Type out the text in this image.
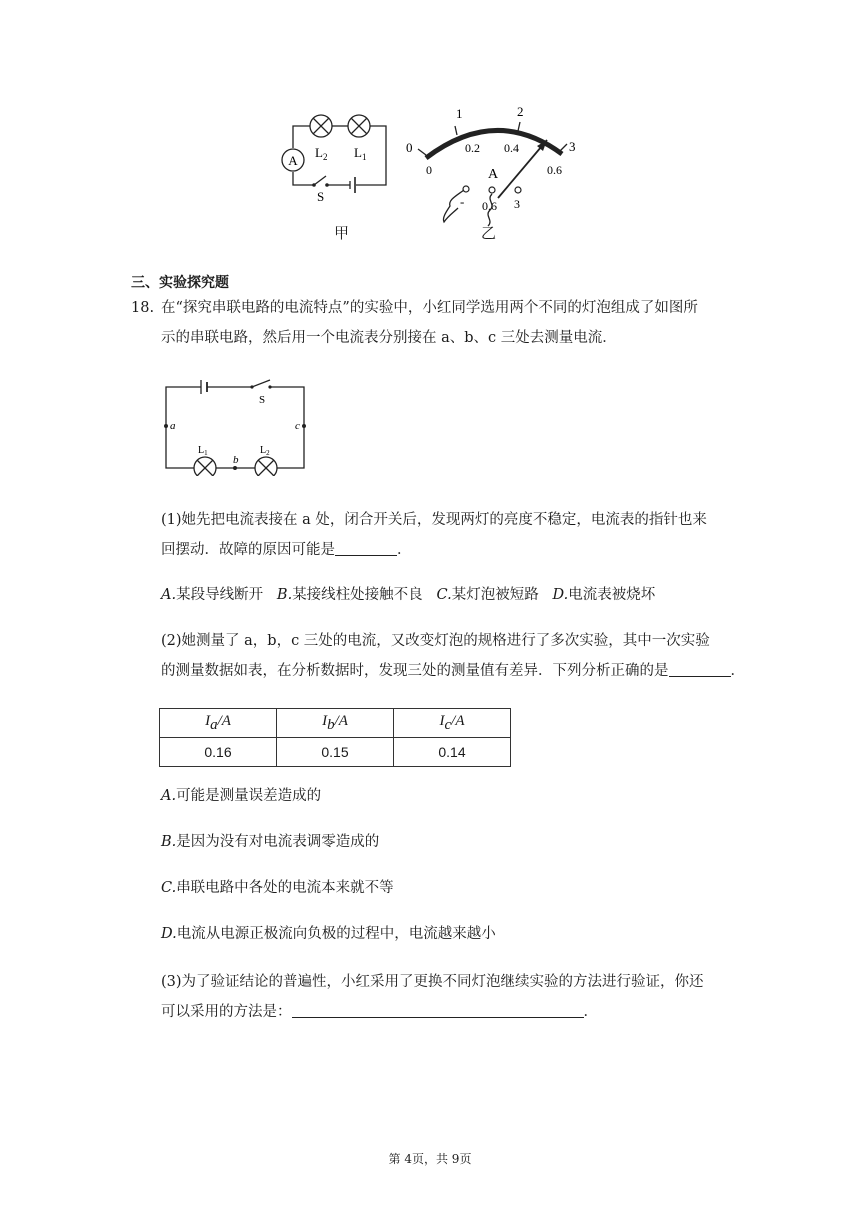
A
$L_2$ $L_1$
S
甲
0
1	2
3
0
0.2 0.4
0.6
A
- 0.6 3
乙
三、实验探究题
18. 在“探究串联电路的电流特点”的实验中，小红同学选用两个不同的灯泡组成了如图所
示的串联电路，然后用一个电流表分别接在 a、b、c 三处去测量电流．
S
a	c
b
$L_1$	$L_2$
(1)她先把电流表接在 a 处，闭合开关后，发现两灯的亮度不稳定，电流表的指针也来
回摆动．故障的原因可能是	．
A.某段导线断开 B.某接线柱处接触不良 C.某灯泡被短路 D.电流表被烧坏
(2)她测量了 a，b，c 三处的电流，又改变灯泡的规格进行了多次实验，其中一次实验
的测量数据如表，在分析数据时，发现三处的测量值有差异．下列分析正确的是	．
$I_a/A$	$I_b/A$	$I_c/A$
0.16	0.15	0.14
A.可能是测量误差造成的
B.是因为没有对电流表调零造成的
C.串联电路中各处的电流本来就不等
D.电流从电源正极流向负极的过程中，电流越来越小
(3)为了验证结论的普遍性，小红采用了更换不同灯泡继续实验的方法进行验证，你还
可以采用的方法是：	．
第 4页，共 9页
